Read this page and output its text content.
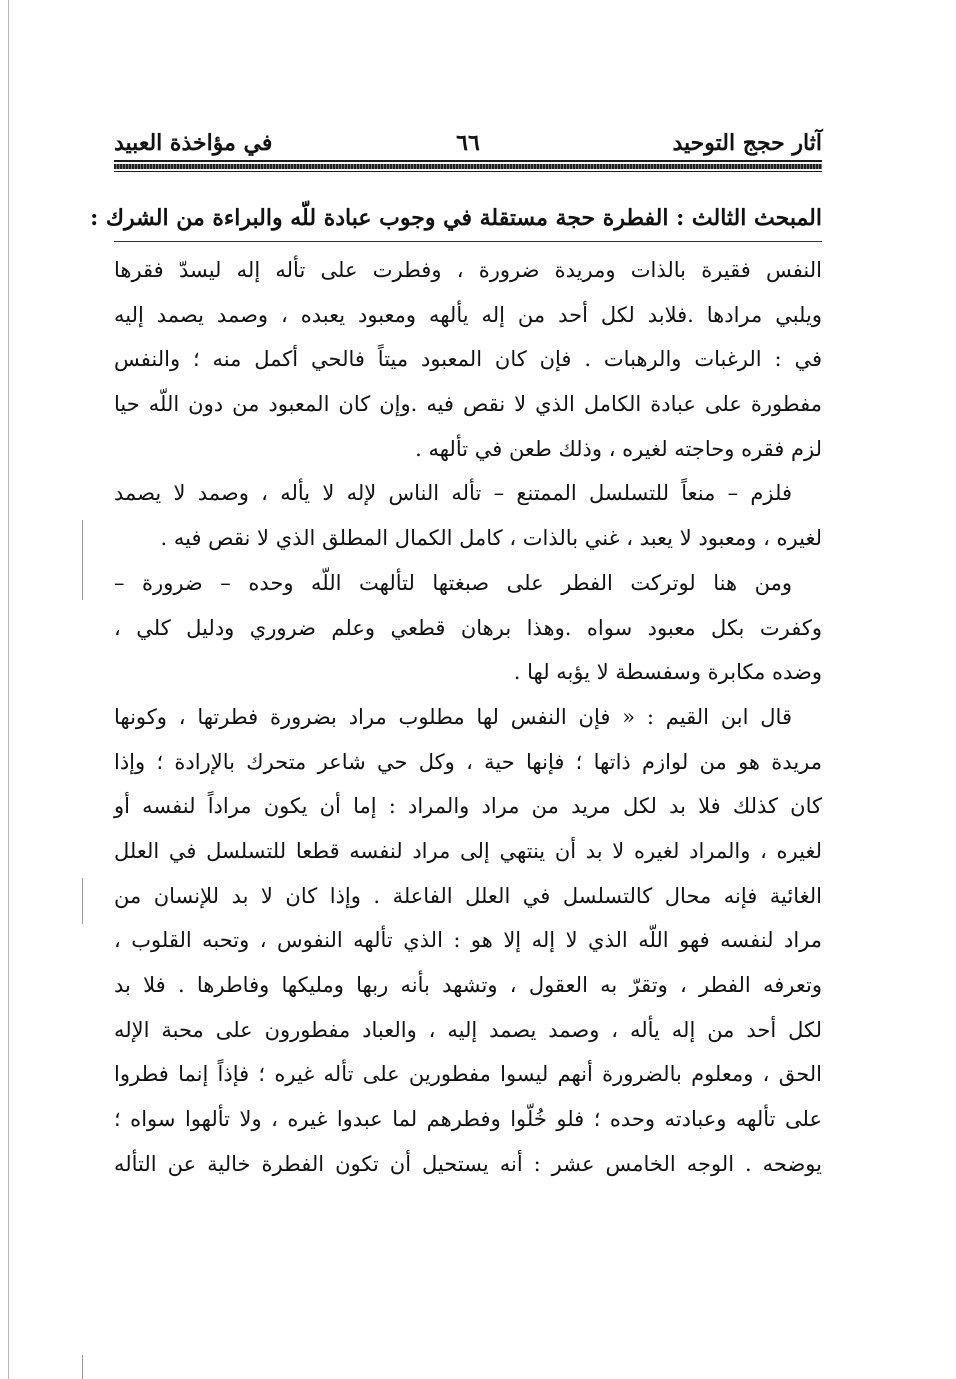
آثار حجج التوحيد
٦٦
في مؤاخذة العبيد
المبحث الثالث : الفطرة حجة مستقلة في وجوب عبادة للّه والبراءة من الشرك :
النفس فقيرة بالذات ومريدة ضرورة ، وفطرت على تأله إله ليسدّ فقرها
ويلبي مرادها .فلابد لكل أحد من إله يألهه ومعبود يعبده ، وصمد يصمد إليه
في : الرغبات والرهبات . فإن كان المعبود ميتاً فالحي أكمل منه ؛ والنفس
مفطورة على عبادة الكامل الذي لا نقص فيه .وإن كان المعبود من دون اللّه حيا
لزم فقره وحاجته لغيره ، وذلك طعن في تألهه .
فلزم – منعاً للتسلسل الممتنع – تأله الناس لإله لا يأله ، وصمد لا يصمد
لغيره ، ومعبود لا يعبد ، غني بالذات ، كامل الكمال المطلق الذي لا نقص فيه .
ومن هنا لوتركت الفطر على صبغتها لتألهت اللّه وحده – ضرورة –
وكفرت بكل معبود سواه .وهذا برهان قطعي وعلم ضروري ودليل كلي ،
وضده مكابرة وسفسطة لا يؤبه لها .
قال ابن القيم : « فإن النفس لها مطلوب مراد بضرورة فطرتها ، وكونها
مريدة هو من لوازم ذاتها ؛ فإنها حية ، وكل حي شاعر متحرك بالإرادة ؛ وإذا
كان كذلك فلا بد لكل مريد من مراد والمراد : إما أن يكون مراداً لنفسه أو
لغيره ، والمراد لغيره لا بد أن ينتهي إلى مراد لنفسه قطعا للتسلسل في العلل
الغائية فإنه محال كالتسلسل في العلل الفاعلة . وإذا كان لا بد للإنسان من
مراد لنفسه فهو اللّه الذي لا إله إلا هو : الذي تألهه النفوس ، وتحبه القلوب ،
وتعرفه الفطر ، وتقرّ به العقول ، وتشهد بأنه ربها ومليكها وفاطرها . فلا بد
لكل أحد من إله يأله ، وصمد يصمد إليه ، والعباد مفطورون على محبة الإله
الحق ، ومعلوم بالضرورة أنهم ليسوا مفطورين على تأله غيره ؛ فإذاً إنما فطروا
على تألهه وعبادته وحده ؛ فلو خُلّوا وفطرهم لما عبدوا غيره ، ولا تألهوا سواه ؛
يوضحه . الوجه الخامس عشر : أنه يستحيل أن تكون الفطرة خالية عن التأله
